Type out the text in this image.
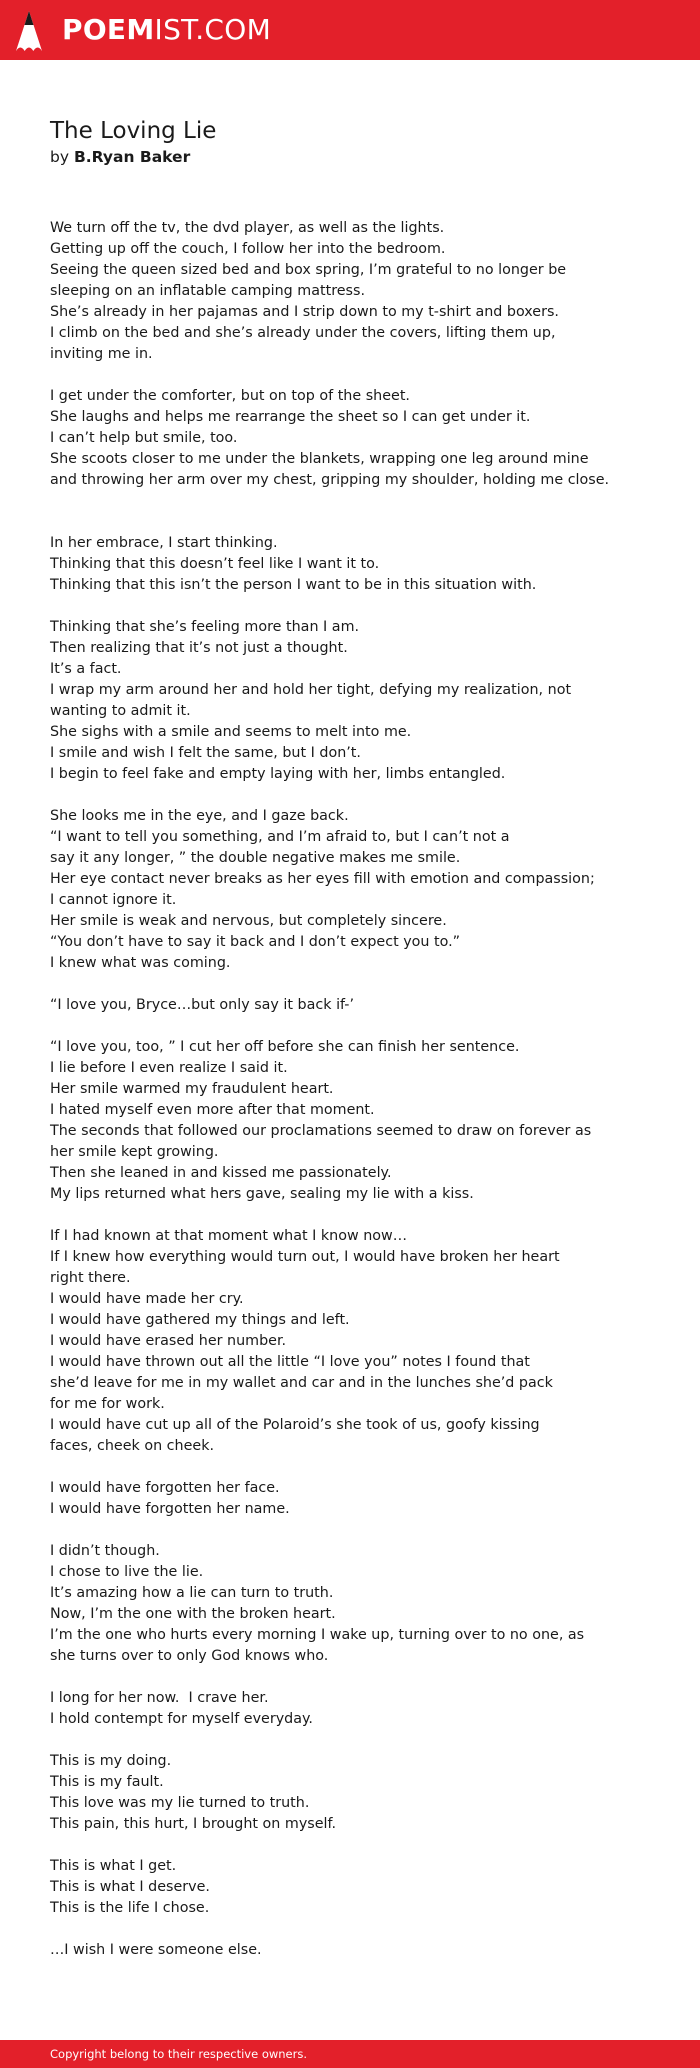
POEMIST.COM
The Loving Lie
by B.Ryan Baker
We turn off the tv, the dvd player, as well as the lights.
Getting up off the couch, I follow her into the bedroom.
Seeing the queen sized bed and box spring, I’m grateful to no longer be
sleeping on an inflatable camping mattress.
She’s already in her pajamas and I strip down to my t-shirt and boxers.
I climb on the bed and she’s already under the covers, lifting them up,
inviting me in.
I get under the comforter, but on top of the sheet.
She laughs and helps me rearrange the sheet so I can get under it.
I can’t help but smile, too.
She scoots closer to me under the blankets, wrapping one leg around mine
and throwing her arm over my chest, gripping my shoulder, holding me close.
In her embrace, I start thinking.
Thinking that this doesn’t feel like I want it to.
Thinking that this isn’t the person I want to be in this situation with.
Thinking that she’s feeling more than I am.
Then realizing that it’s not just a thought.
It’s a fact.
I wrap my arm around her and hold her tight, defying my realization, not
wanting to admit it.
She sighs with a smile and seems to melt into me.
I smile and wish I felt the same, but I don’t.
I begin to feel fake and empty laying with her, limbs entangled.
She looks me in the eye, and I gaze back.
“I want to tell you something, and I’m afraid to, but I can’t not a
say it any longer, ” the double negative makes me smile.
Her eye contact never breaks as her eyes fill with emotion and compassion;
I cannot ignore it.
Her smile is weak and nervous, but completely sincere.
“You don’t have to say it back and I don’t expect you to.”
I knew what was coming.
“I love you, Bryce…but only say it back if-’
“I love you, too, ” I cut her off before she can finish her sentence.
I lie before I even realize I said it.
Her smile warmed my fraudulent heart.
I hated myself even more after that moment.
The seconds that followed our proclamations seemed to draw on forever as
her smile kept growing.
Then she leaned in and kissed me passionately.
My lips returned what hers gave, sealing my lie with a kiss.
If I had known at that moment what I know now…
If I knew how everything would turn out, I would have broken her heart
right there.
I would have made her cry.
I would have gathered my things and left.
I would have erased her number.
I would have thrown out all the little “I love you” notes I found that
she’d leave for me in my wallet and car and in the lunches she’d pack
for me for work.
I would have cut up all of the Polaroid’s she took of us, goofy kissing
faces, cheek on cheek.
I would have forgotten her face.
I would have forgotten her name.
I didn’t though.
I chose to live the lie.
It’s amazing how a lie can turn to truth.
Now, I’m the one with the broken heart.
I’m the one who hurts every morning I wake up, turning over to no one, as
she turns over to only God knows who.
I long for her now.  I crave her.
I hold contempt for myself everyday.
This is my doing.
This is my fault.
This love was my lie turned to truth.
This pain, this hurt, I brought on myself.
This is what I get.
This is what I deserve.
This is the life I chose.
…I wish I were someone else.
Copyright belong to their respective owners.
